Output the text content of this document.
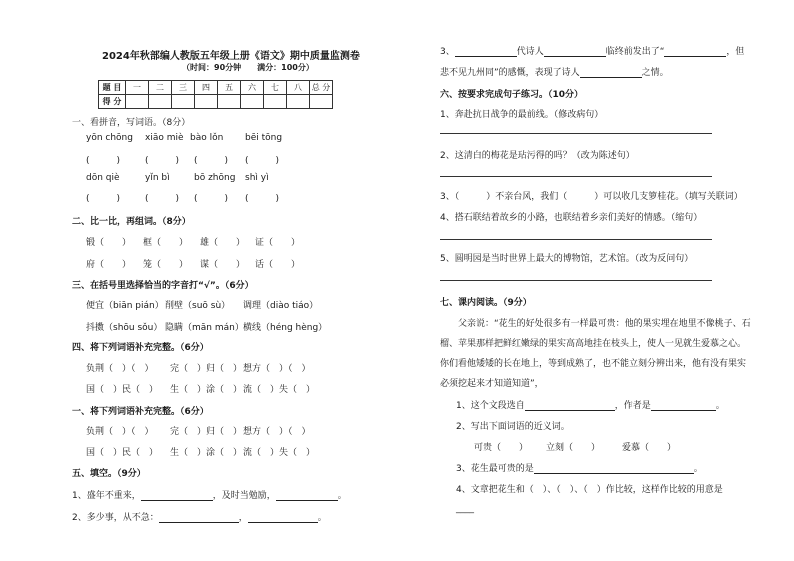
2024年秋部编人教版五年级上册《语文》期中质量监测卷
（时间：90分钟　　满分：100分）
题 目	一	二	三	四	五	六	七	八	总 分
得 分									
一、看拼音，写词语。（8分）
yōn chōng xiāo miè bào lǒn bēi tōng
(　　　)	(　　　) (　　　) (　　　)
dōn qiè	yǐn bì	bō zhōng shì yì
(　　　)	(　　　) (　　　) (　　　)
二、比一比，再组词。（8分）
锻（　　） 框（　　） 雄（　　） 证（　　）
府（　　） 笼（　　） 谋（　　） 话（　　）
三、在括号里选择恰当的字音打“√”。（6分）
便宜（biān pián） 削壁（suō sù） 调理（diào tiáo）
抖擞（shōu sǒu） 隐瞒（mān mán） 横线（héng hèng）
四、将下列词语补充完整。（6分）
负荆（　）（　） 完（　）归（　） 想方（　）（　）
国（　）民（　） 生（　）涂（　） 流（　）失（　）
一、将下列词语补充完整。（6分）
负荆（　）（　） 完（　）归（　） 想方（　）（　）
国（　）民（　） 生（　）涂（　） 流（　）失（　）
五、填空。（9分）
1、盛年不重来，	，及时当勉励，	。
2、多少事，从不急：	，	。
3、	代诗人	临终前发出了“	，但
悲不见九州同”的感慨，表现了诗人	之情。
六、按要求完成句子练习。（10分）
1、奔赴抗日战争的最前线。（修改病句）
2、这清白的梅花是玷污得的吗？（改为陈述句）
3、（　　　）不亲台风，我们（　　　）可以收几支箩桂花。（填写关联词）
4、搭石联结着故乡的小路，也联结着乡亲们美好的情感。（缩句）
5、圆明园是当时世界上最大的博物馆，艺术馆。（改为反问句）
七、课内阅读。（9分）
父亲说：“花生的好处很多有一样最可贵：他的果实埋在地里不像桃子、石
榴、苹果那样把鲜红嫩绿的果实高高地挂在枝头上，使人一见就生爱慕之心。
你们看他矮矮的长在地上，等到成熟了，也不能立刻分辨出来，他有没有果实
必须挖起来才知道知道”，
1、这个文段选自	，作者是	。
2、写出下面词语的近义词。
可贵（　　） 立刻（　　） 爱慕（　　）
3、花生最可贵的是	。
4、文章把花生和（　）、（　）、（　）作比较，这样作比较的用意是
____
